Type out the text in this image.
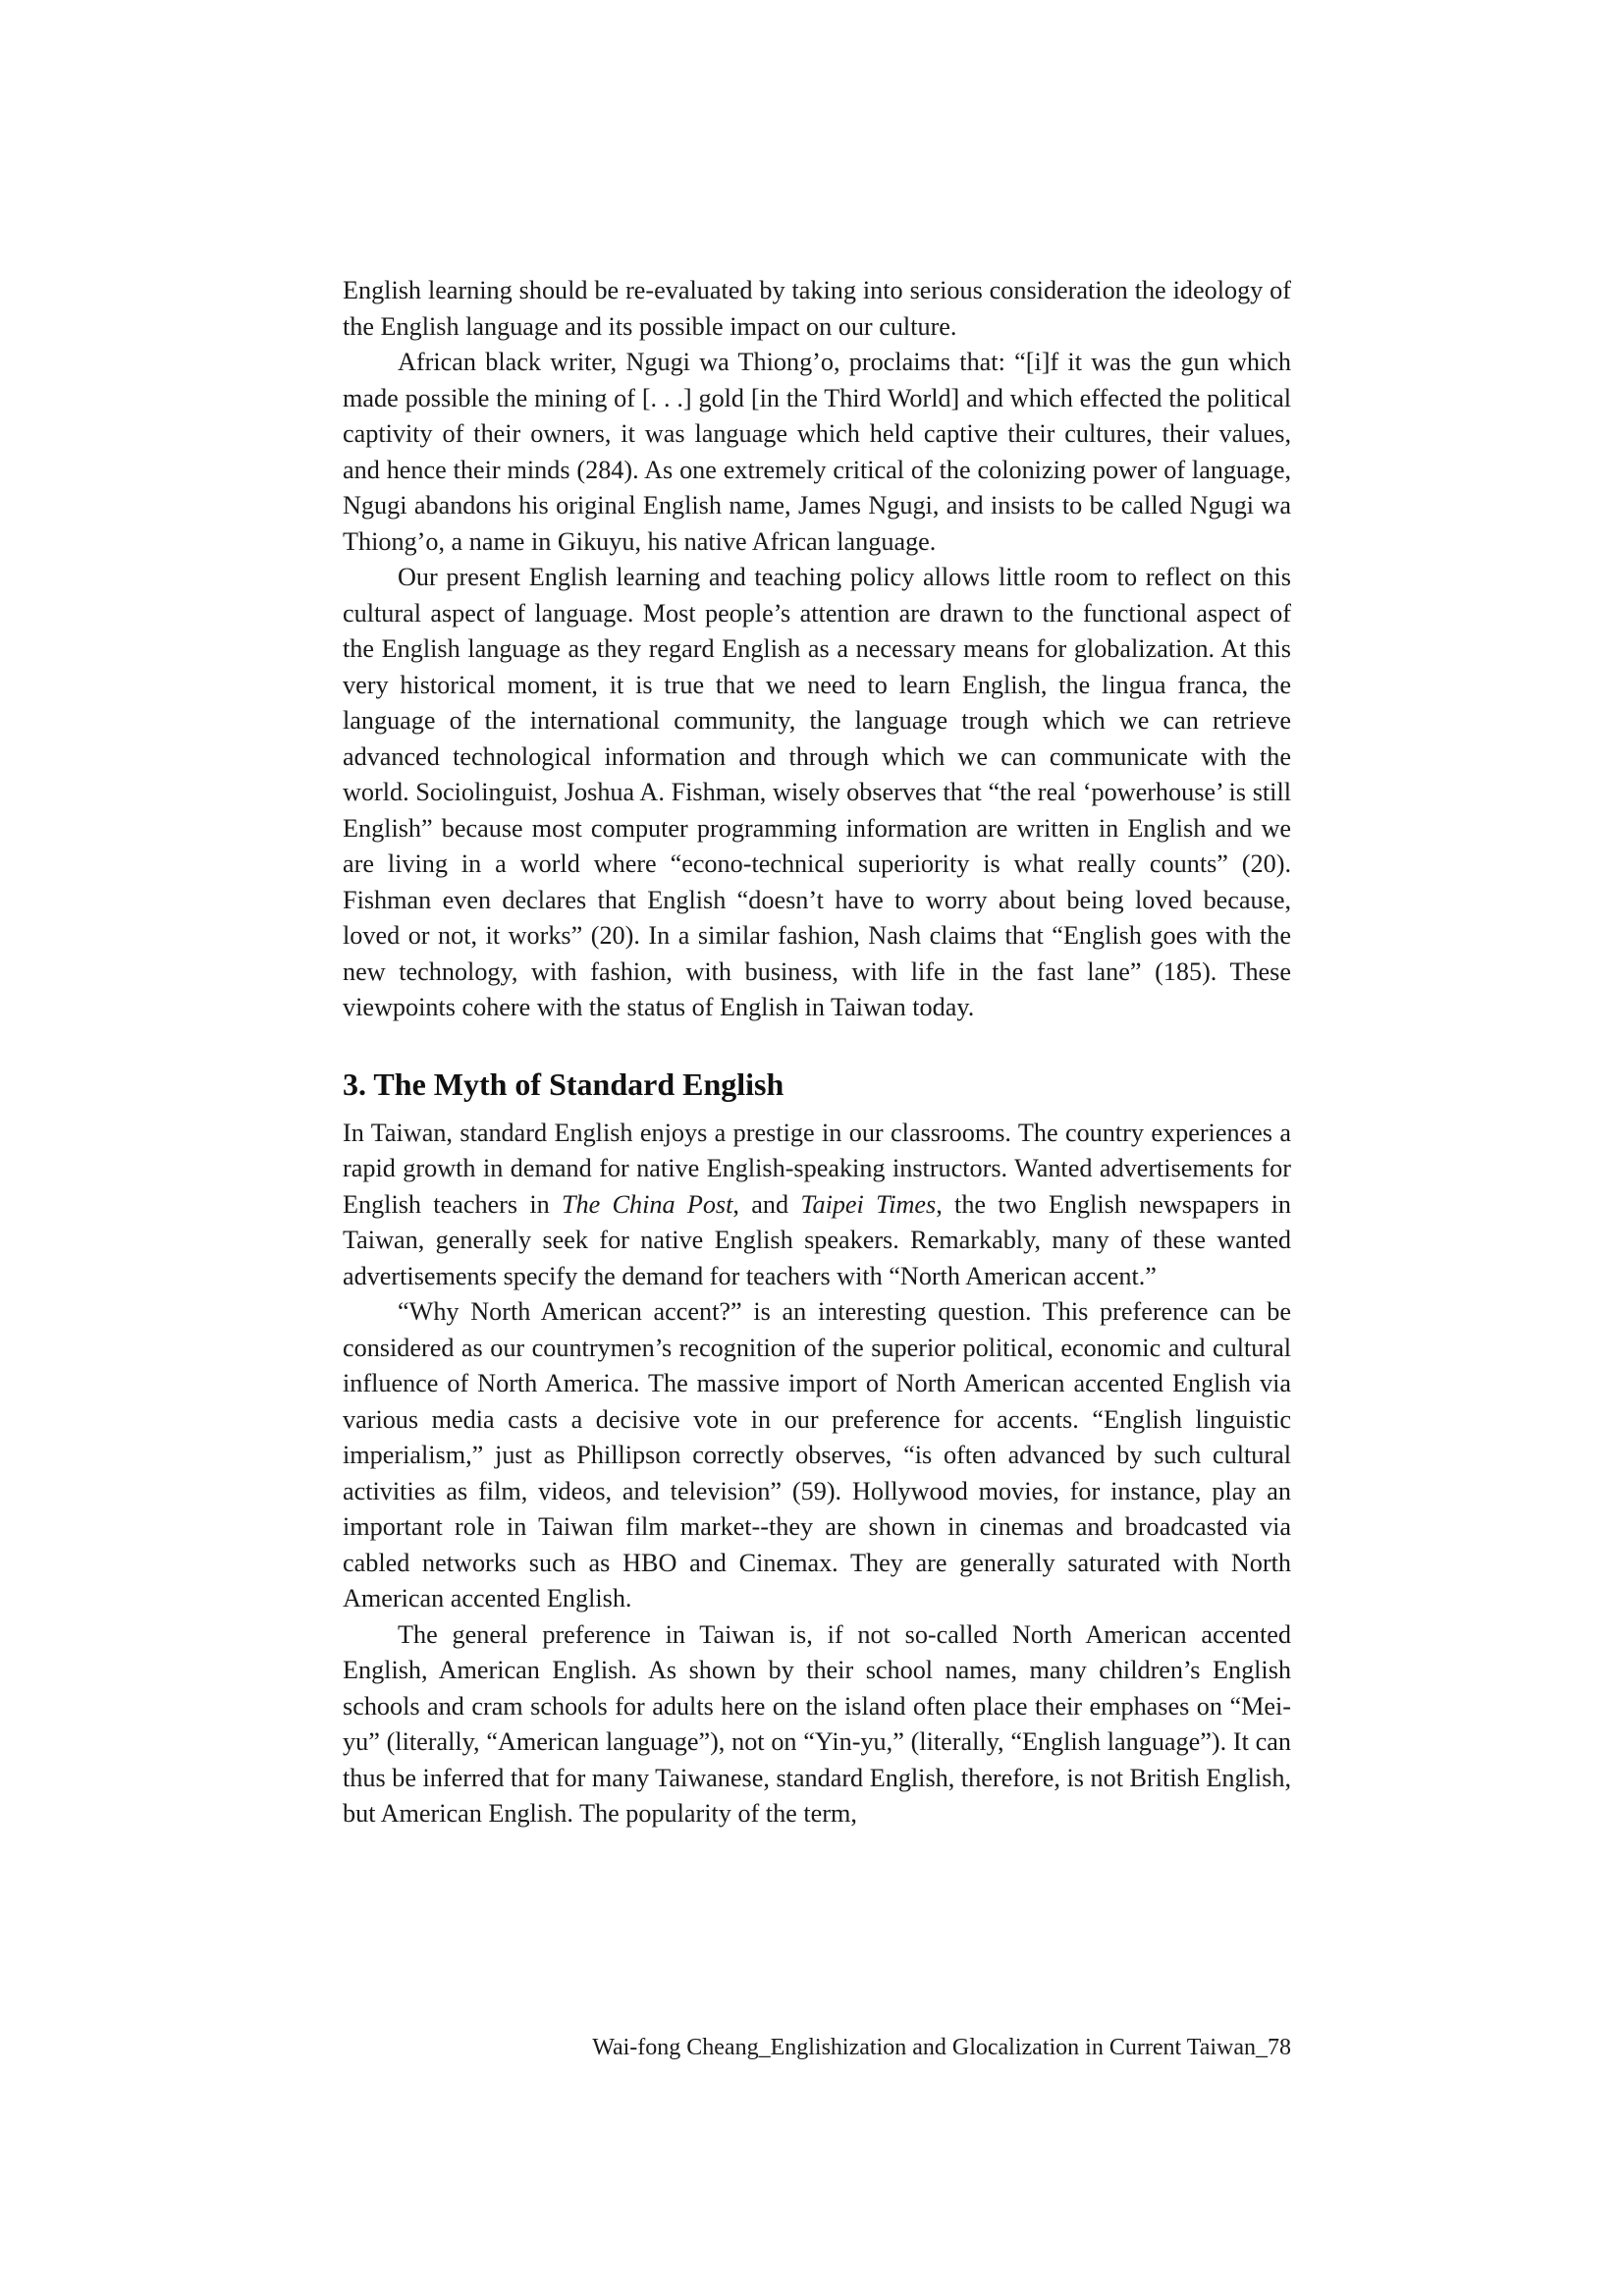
English learning should be re-evaluated by taking into serious consideration the ideology of the English language and its possible impact on our culture.

African black writer, Ngugi wa Thiong’o, proclaims that: “[i]f it was the gun which made possible the mining of [. . .] gold [in the Third World] and which effected the political captivity of their owners, it was language which held captive their cultures, their values, and hence their minds (284). As one extremely critical of the colonizing power of language, Ngugi abandons his original English name, James Ngugi, and insists to be called Ngugi wa Thiong’o, a name in Gikuyu, his native African language.

Our present English learning and teaching policy allows little room to reflect on this cultural aspect of language. Most people’s attention are drawn to the functional aspect of the English language as they regard English as a necessary means for globalization. At this very historical moment, it is true that we need to learn English, the lingua franca, the language of the international community, the language trough which we can retrieve advanced technological information and through which we can communicate with the world. Sociolinguist, Joshua A. Fishman, wisely observes that “the real ‘powerhouse’ is still English” because most computer programming information are written in English and we are living in a world where “econo-technical superiority is what really counts” (20). Fishman even declares that English “doesn’t have to worry about being loved because, loved or not, it works” (20). In a similar fashion, Nash claims that “English goes with the new technology, with fashion, with business, with life in the fast lane” (185). These viewpoints cohere with the status of English in Taiwan today.

3. The Myth of Standard English

In Taiwan, standard English enjoys a prestige in our classrooms. The country experiences a rapid growth in demand for native English-speaking instructors. Wanted advertisements for English teachers in The China Post, and Taipei Times, the two English newspapers in Taiwan, generally seek for native English speakers. Remarkably, many of these wanted advertisements specify the demand for teachers with “North American accent.”

“Why North American accent?” is an interesting question. This preference can be considered as our countrymen’s recognition of the superior political, economic and cultural influence of North America. The massive import of North American accented English via various media casts a decisive vote in our preference for accents. “English linguistic imperialism,” just as Phillipson correctly observes, “is often advanced by such cultural activities as film, videos, and television” (59). Hollywood movies, for instance, play an important role in Taiwan film market--they are shown in cinemas and broadcasted via cabled networks such as HBO and Cinemax. They are generally saturated with North American accented English.

The general preference in Taiwan is, if not so-called North American accented English, American English. As shown by their school names, many children’s English schools and cram schools for adults here on the island often place their emphases on “Mei-yu” (literally, “American language”), not on “Yin-yu,” (literally, “English language”). It can thus be inferred that for many Taiwanese, standard English, therefore, is not British English, but American English. The popularity of the term,

Wai-fong Cheang_Englishization and Glocalization in Current Taiwan_78
